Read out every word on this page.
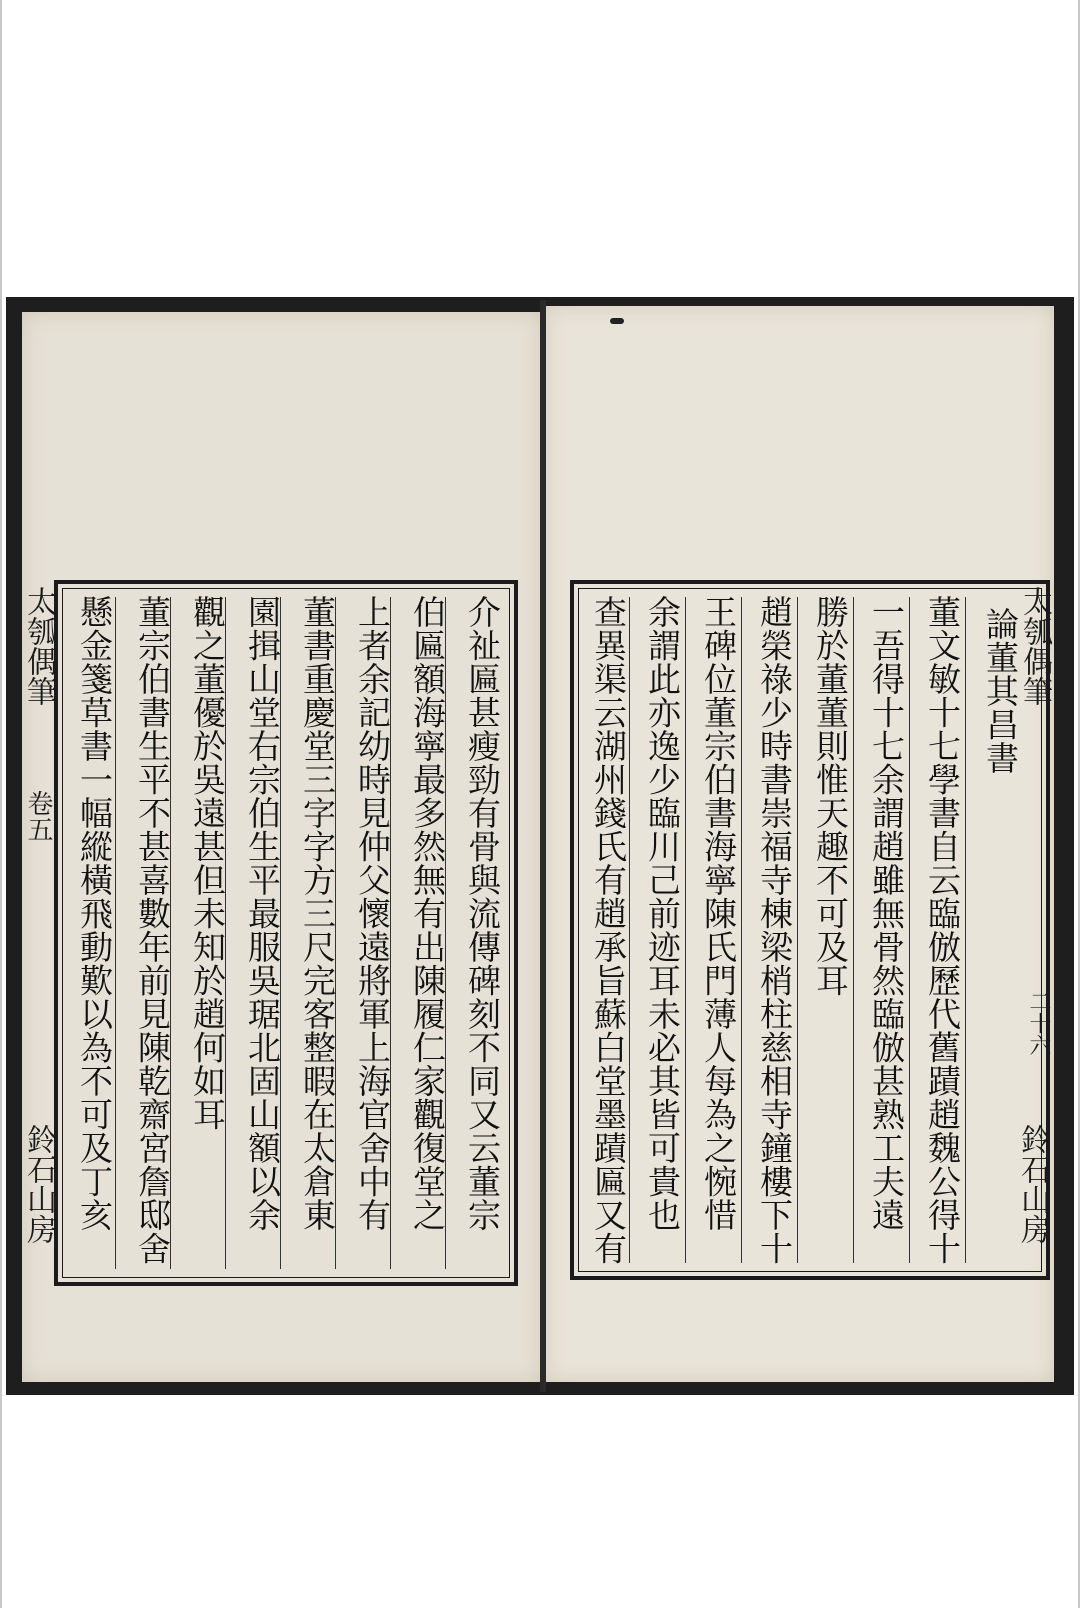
介祉匾甚瘦勁有骨與流傳碑刻不同又云董宗
伯匾額海寧最多然無有出陳履仁家觀復堂之
上者余記幼時見仲父懷遠將軍上海官舍中有
董書重慶堂三字字方三尺完客整暇在太倉東
園揖山堂右宗伯生平最服吳琚北固山額以余
觀之董優於吳遠甚但未知於趙何如耳
董宗伯書生平不甚喜數年前見陳乾齋宮詹邸舍
懸金箋草書一幅縱橫飛動歎以為不可及丁亥
太瓠偶筆
卷五
鈴石山房
論董其昌書
董文敏十七學書自云臨倣歷代舊蹟趙魏公得十
一吾得十七余謂趙雖無骨然臨倣甚熟工夫遠
勝於董董則惟天趣不可及耳
趙榮祿少時書崇福寺棟梁梢柱慈相寺鐘樓下十
王碑位董宗伯書海寧陳氏門薄人每為之惋惜
余謂此亦逸少臨川己前迹耳未必其皆可貴也
查異渠云湖州錢氏有趙承旨蘇白堂墨蹟匾又有	太瓠偶筆
二十六
鈴石山房
